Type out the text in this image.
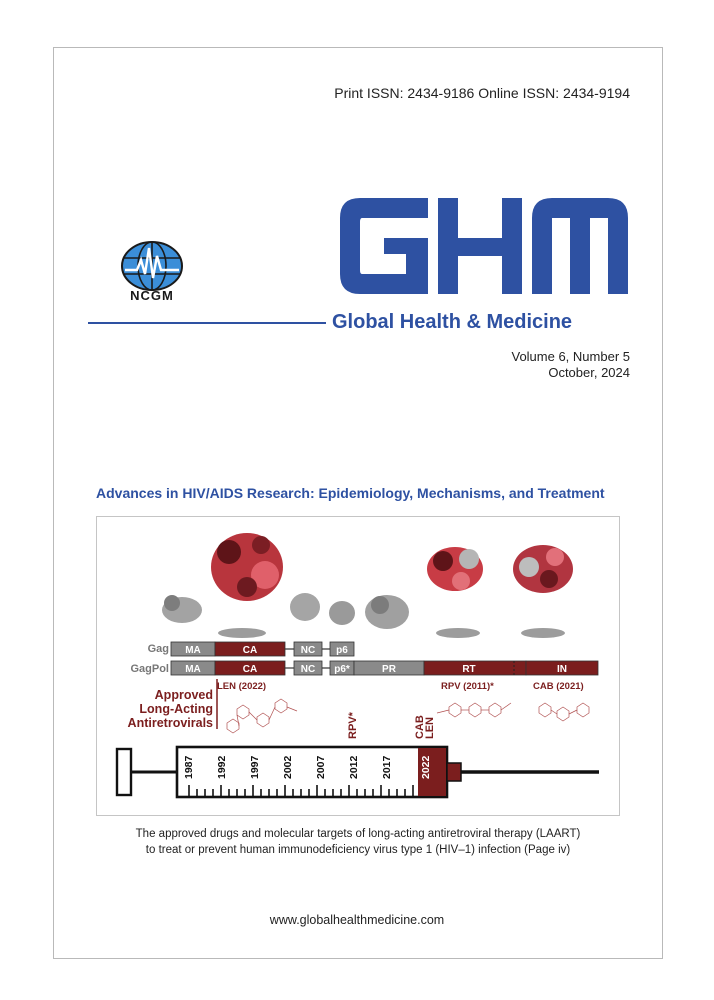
Print ISSN: 2434-9186 Online ISSN: 2434-9194
NCGM
Global Health & Medicine
Volume 6, Number 5
October, 2024
Advances in HIV/AIDS Research: Epidemiology, Mechanisms, and Treatment
Gag MA	CA	NC p6
GagPol MA	CA	NC p6*	PR	RT	IN
LEN (2022)	RPV (2011)*	CAB (2021)
Approved
Long-Acting
Antiretrovirals	RPV*	CAB
LEN
1987 1992 1997 2002 2007 2012 2017	2022
The approved drugs and molecular targets of long-acting antiretroviral therapy (LAART)
to treat or prevent human immunodeficiency virus type 1 (HIV–1) infection (Page iv)
www.globalhealthmedicine.com
